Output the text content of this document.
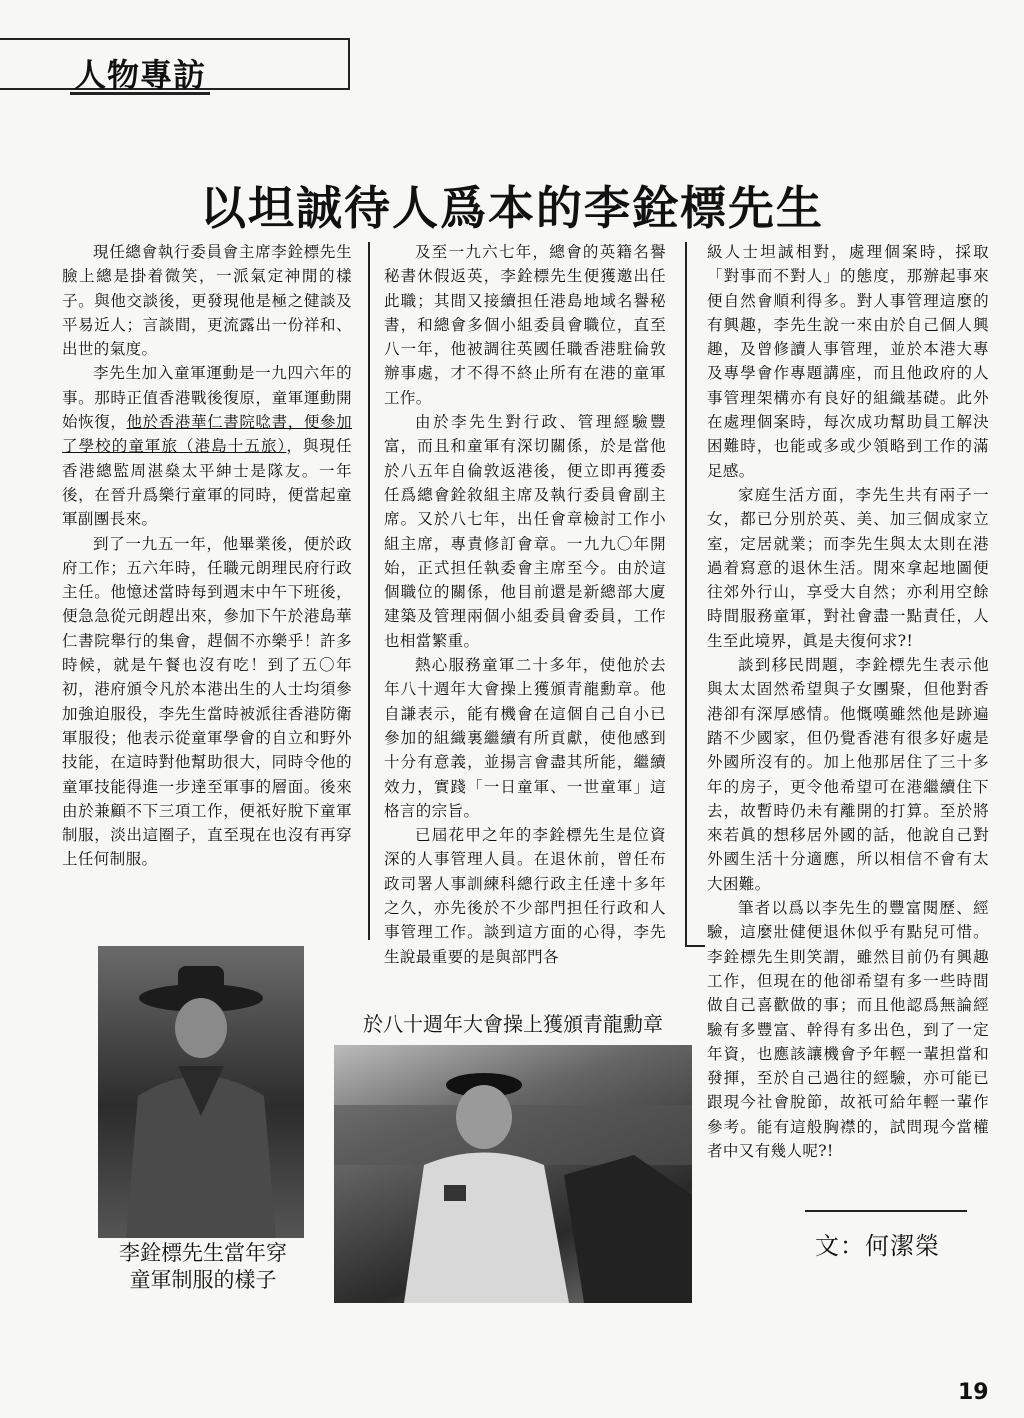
人物專訪
以坦誠待人爲本的李銓標先生

現任總會執行委員會主席李銓標先生臉上總是掛着微笑，一派氣定神閒的樣子。與他交談後，更發現他是極之健談及平易近人；言談間，更流露出一份祥和、出世的氣度。

李先生加入童軍運動是一九四六年的事。那時正值香港戰後復原，童軍運動開始恢復，他於香港華仁書院唸書，便參加了學校的童軍旅（港島十五旅），與現任香港總監周湛燊太平紳士是隊友。一年後，在晉升爲樂行童軍的同時，便當起童軍副團長來。

到了一九五一年，他畢業後，便於政府工作；五六年時，任職元朗理民府行政主任。他憶述當時每到週末中午下班後，便急急從元朗趕出來，參加下午於港島華仁書院舉行的集會，趕個不亦樂乎！許多時候，就是午餐也沒有吃！到了五〇年初，港府頒令凡於本港出生的人士均須參加強迫服役，李先生當時被派往香港防衛軍服役；他表示從童軍學會的自立和野外技能，在這時對他幫助很大，同時令他的童軍技能得進一步達至軍事的層面。後來由於兼顧不下三項工作，便祇好脫下童軍制服，淡出這圈子，直至現在也沒有再穿上任何制服。

及至一九六七年，總會的英籍名譽秘書休假返英，李銓標先生便獲邀出任此職；其間又接續担任港島地域名譽秘書，和總會多個小組委員會職位，直至八一年，他被調往英國任職香港駐倫敦辦事處，才不得不終止所有在港的童軍工作。

由於李先生對行政、管理經驗豐富，而且和童軍有深切關係，於是當他於八五年自倫敦返港後，便立即再獲委任爲總會銓敘組主席及執行委員會副主席。又於八七年，出任會章檢討工作小組主席，專責修訂會章。一九九〇年開始，正式担任執委會主席至今。由於這個職位的關係，他目前還是新總部大廈建築及管理兩個小組委員會委員，工作也相當繁重。

熱心服務童軍二十多年，使他於去年八十週年大會操上獲頒青龍勳章。他自謙表示，能有機會在這個自己自小已參加的組織裏繼續有所貢獻，使他感到十分有意義，並揚言會盡其所能，繼續效力，實踐「一日童軍、一世童軍」這格言的宗旨。

已屆花甲之年的李銓標先生是位資深的人事管理人員。在退休前，曾任布政司署人事訓練科總行政主任達十多年之久，亦先後於不少部門担任行政和人事管理工作。談到這方面的心得，李先生說最重要的是與部門各

級人士坦誠相對，處理個案時，採取「對事而不對人」的態度，那辦起事來便自然會順利得多。對人事管理這麼的有興趣，李先生說一來由於自己個人興趣，及曾修讀人事管理，並於本港大專及專學會作專題講座，而且他政府的人事管理架構亦有良好的組織基礎。此外在處理個案時，每次成功幫助員工解決困難時，也能或多或少領略到工作的滿足感。

家庭生活方面，李先生共有兩子一女，都已分別於英、美、加三個成家立室，定居就業；而李先生與太太則在港過着寫意的退休生活。閒來拿起地圖便往郊外行山，享受大自然；亦利用空餘時間服務童軍，對社會盡一點責任，人生至此境界，眞是夫復何求?!

談到移民問題，李銓標先生表示他與太太固然希望與子女團聚，但他對香港卻有深厚感情。他慨嘆雖然他是跡遍踏不少國家，但仍覺香港有很多好處是外國所沒有的。加上他那居住了三十多年的房子，更令他希望可在港繼續住下去，故暫時仍未有離開的打算。至於將來若眞的想移居外國的話，他說自己對外國生活十分適應，所以相信不會有太大困難。

筆者以爲以李先生的豐富閱歷、經驗，這麼壯健便退休似乎有點兒可惜。李銓標先生則笑謂，雖然目前仍有興趣工作，但現在的他卻希望有多一些時間做自己喜歡做的事；而且他認爲無論經驗有多豐富、幹得有多出色，到了一定年資，也應該讓機會予年輕一輩担當和發揮，至於自己過往的經驗，亦可能已跟現今社會脫節，故祇可給年輕一輩作參考。能有這般胸襟的，試問現今當權者中又有幾人呢?!

李銓標先生當年穿
童軍制服的樣子
於八十週年大會操上獲頒青龍勳章
文：何潔榮
19
